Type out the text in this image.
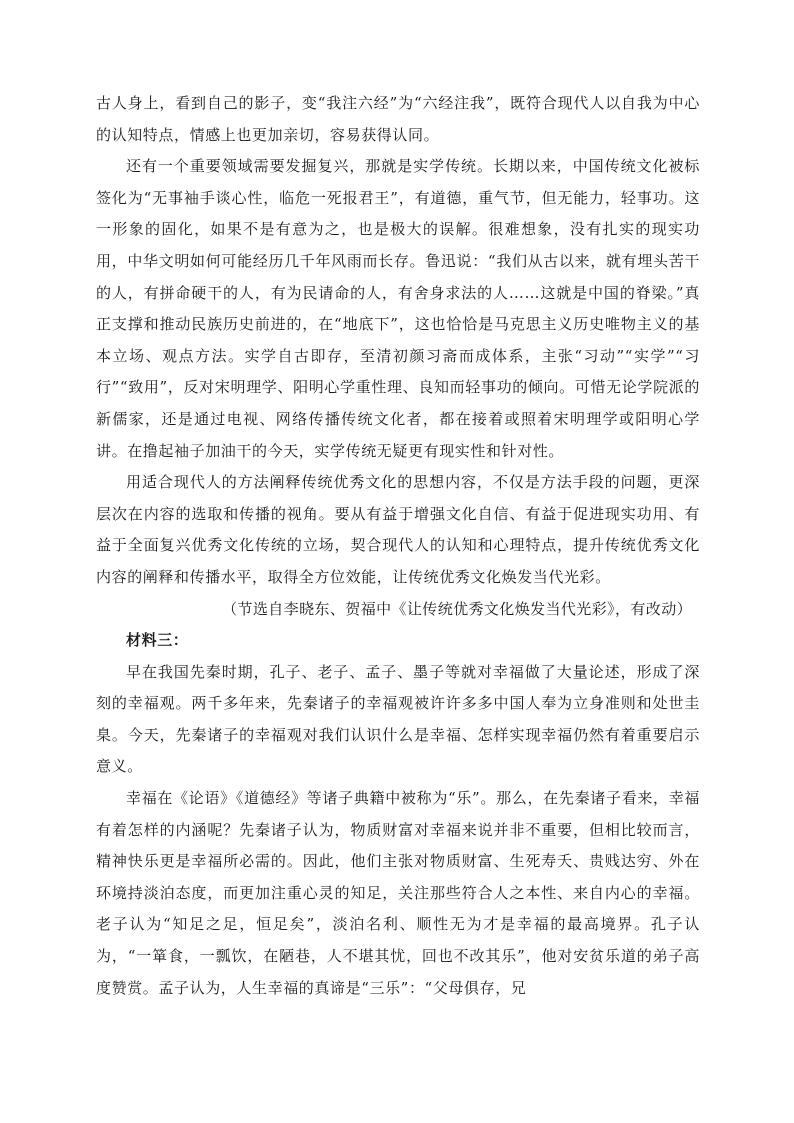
古人身上，看到自己的影子，变“我注六经”为“六经注我”，既符合现代人以自我为中心的认知特点，情感上也更加亲切，容易获得认同。

还有一个重要领域需要发掘复兴，那就是实学传统。长期以来，中国传统文化被标签化为“无事袖手谈心性，临危一死报君王”，有道德，重气节，但无能力，轻事功。这一形象的固化，如果不是有意为之，也是极大的误解。很难想象，没有扎实的现实功用，中华文明如何可能经历几千年风雨而长存。鲁迅说：“我们从古以来，就有埋头苦干的人，有拼命硬干的人，有为民请命的人，有舍身求法的人……这就是中国的脊梁。”真正支撑和推动民族历史前进的，在“地底下”，这也恰恰是马克思主义历史唯物主义的基本立场、观点方法。实学自古即存，至清初颜习斋而成体系，主张“习动”“实学”“习行”“致用”，反对宋明理学、阳明心学重性理、良知而轻事功的倾向。可惜无论学院派的新儒家，还是通过电视、网络传播传统文化者，都在接着或照着宋明理学或阳明心学讲。在撸起袖子加油干的今天，实学传统无疑更有现实性和针对性。

用适合现代人的方法阐释传统优秀文化的思想内容，不仅是方法手段的问题，更深层次在内容的选取和传播的视角。要从有益于增强文化自信、有益于促进现实功用、有益于全面复兴优秀文化传统的立场，契合现代人的认知和心理特点，提升传统优秀文化内容的阐释和传播水平，取得全方位效能，让传统优秀文化焕发当代光彩。

（节选自李晓东、贺福中《让传统优秀文化焕发当代光彩》，有改动）

材料三：

早在我国先秦时期，孔子、老子、孟子、墨子等就对幸福做了大量论述，形成了深刻的幸福观。两千多年来，先秦诸子的幸福观被许许多多中国人奉为立身准则和处世圭臬。今天，先秦诸子的幸福观对我们认识什么是幸福、怎样实现幸福仍然有着重要启示意义。

幸福在《论语》《道德经》等诸子典籍中被称为“乐”。那么，在先秦诸子看来，幸福有着怎样的内涵呢？先秦诸子认为，物质财富对幸福来说并非不重要，但相比较而言，精神快乐更是幸福所必需的。因此，他们主张对物质财富、生死寿夭、贵贱达穷、外在环境持淡泊态度，而更加注重心灵的知足，关注那些符合人之本性、来自内心的幸福。老子认为“知足之足，恒足矣”，淡泊名利、顺性无为才是幸福的最高境界。孔子认为，“一箪食，一瓢饮，在陋巷，人不堪其忧，回也不改其乐”，他对安贫乐道的弟子高度赞赏。孟子认为，人生幸福的真谛是“三乐”：“父母俱存，兄
